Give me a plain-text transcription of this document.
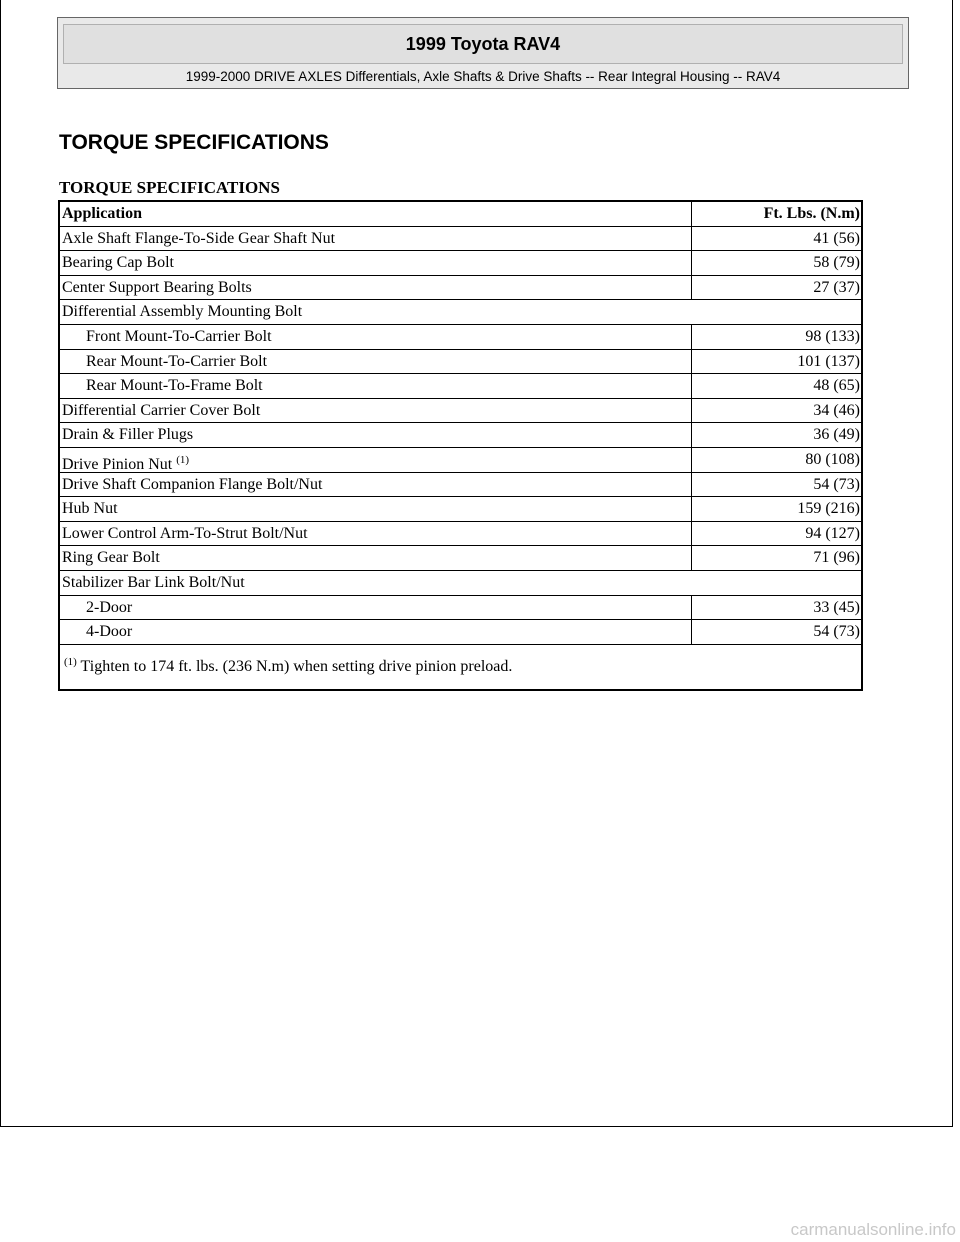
1999 Toyota RAV4
1999-2000 DRIVE AXLES Differentials, Axle Shafts & Drive Shafts -- Rear Integral Housing -- RAV4
TORQUE SPECIFICATIONS
TORQUE SPECIFICATIONS
Application	Ft. Lbs. (N.m)
Axle Shaft Flange-To-Side Gear Shaft Nut	41 (56)
Bearing Cap Bolt	58 (79)
Center Support Bearing Bolts	27 (37)
Differential Assembly Mounting Bolt
Front Mount-To-Carrier Bolt	98 (133)
Rear Mount-To-Carrier Bolt	101 (137)
Rear Mount-To-Frame Bolt	48 (65)
Differential Carrier Cover Bolt	34 (46)
Drain & Filler Plugs	36 (49)
Drive Pinion Nut $^{(1)}$	80 (108)
Drive Shaft Companion Flange Bolt/Nut	54 (73)
Hub Nut	159 (216)
Lower Control Arm-To-Strut Bolt/Nut	94 (127)
Ring Gear Bolt	71 (96)
Stabilizer Bar Link Bolt/Nut
2-Door	33 (45)
4-Door	54 (73)
$^{(1)}$ Tighten to 174 ft. lbs. (236 N.m) when setting drive pinion preload.
carmanualsonline.info
